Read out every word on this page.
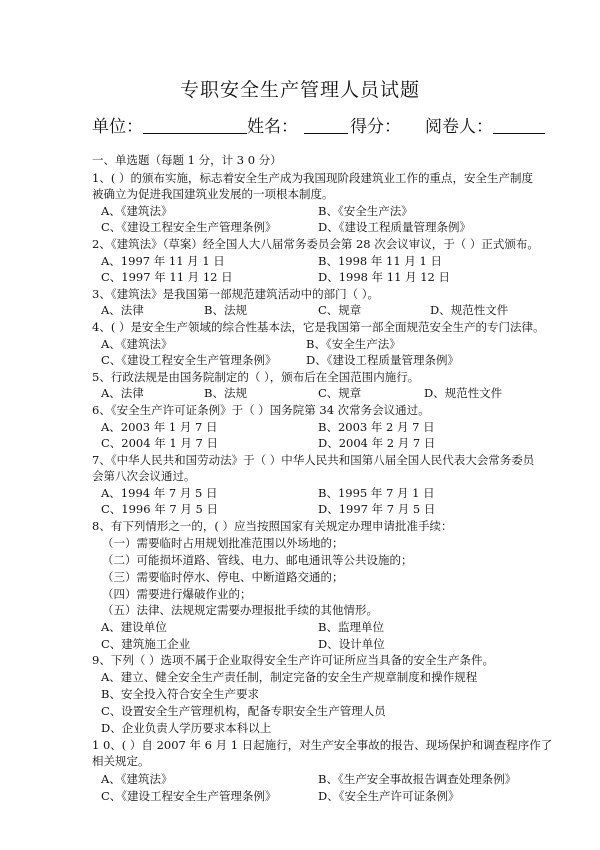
专职安全生产管理人员试题
单位：	姓名：	得分： 阅卷人：
一、单选题（每题 1 分，计 3 0 分）
1、( ）的颁布实施，标志着安全生产成为我国现阶段建筑业工作的重点，安全生产制度
被确立为促进我国建筑业发展的一项根本制度。
A、《建筑法》	B、《安全生产法》
C、《建设工程安全生产管理条例》	D、《建设工程质量管理条例》
2、《建筑法》（草案）经全国人大八届常务委员会第 28 次会议审议，于（ ）正式颁布。
A、1997 年 11 月 1 日	B、1998 年 11 月 1 日
C、1997 年 11 月 12 日	D、1998 年 11 月 12 日
3、《建筑法》是我国第一部规范建筑活动中的部门（ ）。
A、法律	B、法规	C、规章	D、规范性文件
4、( ）是安全生产领域的综合性基本法，它是我国第一部全面规范安全生产的专门法律。
A、《建筑法》	B、《安全生产法》
C、《建设工程安全生产管理条例》	D、《建设工程质量管理条例》
5、行政法规是由国务院制定的（ ），颁布后在全国范围内施行。
A、法律	B、法规	C、规章	D、规范性文件
6、《安全生产许可证条例》于（ ）国务院第 34 次常务会议通过。
A、2003 年 1 月 7 日	B、2003 年 2 月 7 日
C、2004 年 1 月 7 日	D、2004 年 2 月 7 日
7、《中华人民共和国劳动法》于（ ）中华人民共和国第八届全国人民代表大会常务委员
会第八次会议通过。
A、1994 年 7 月 5 日	B、1995 年 7 月 1 日
C、1996 年 7 月 5 日	D、1997 年 7 月 5 日
8、有下列情形之一的，( ）应当按照国家有关规定办理申请批准手续：
（一）需要临时占用规划批准范围以外场地的；
（二）可能损坏道路、管线、电力、邮电通讯等公共设施的；
（三）需要临时停水、停电、中断道路交通的；
（四）需要进行爆破作业的；
（五）法律、法规规定需要办理报批手续的其他情形。
A、建设单位	B、监理单位
C、建筑施工企业	D、设计单位
9、下列（ ）选项不属于企业取得安全生产许可证所应当具备的安全生产条件。
A、建立、健全安全生产责任制，制定完备的安全生产规章制度和操作规程
B、安全投入符合安全生产要求
C、设置安全生产管理机构，配备专职安全生产管理人员
D、企业负责人学历要求本科以上
1 0、( ）自 2007 年 6 月 1 日起施行，对生产安全事故的报告、现场保护和调查程序作了
相关规定。
A、《建筑法》	B、《生产安全事故报告调查处理条例》
C、《建设工程安全生产管理条例》	D、《安全生产许可证条例》
